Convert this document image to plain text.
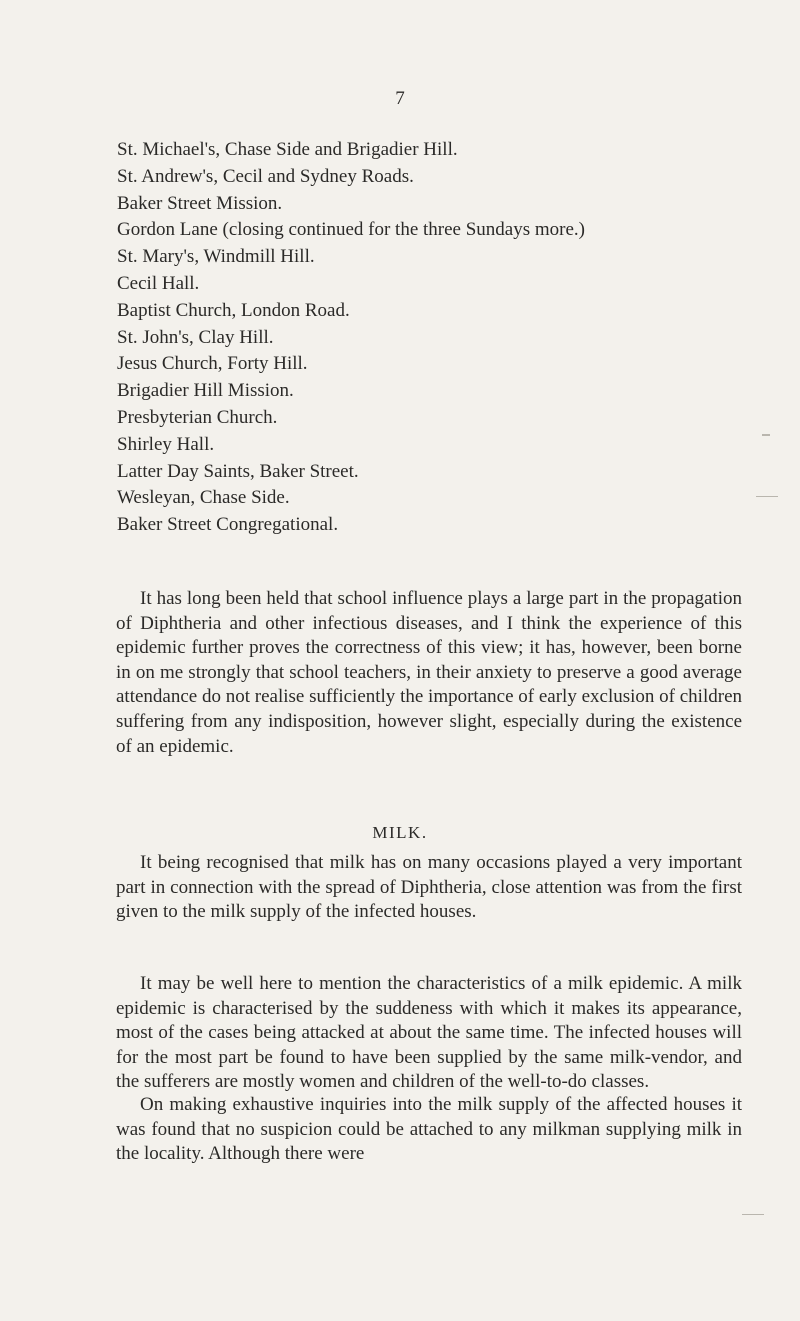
7
St. Michael's, Chase Side and Brigadier Hill.
St. Andrew's, Cecil and Sydney Roads.
Baker Street Mission.
Gordon Lane (closing continued for the three Sundays more.)
St. Mary's, Windmill Hill.
Cecil Hall.
Baptist Church, London Road.
St. John's, Clay Hill.
Jesus Church, Forty Hill.
Brigadier Hill Mission.
Presbyterian Church.
Shirley Hall.
Latter Day Saints, Baker Street.
Wesleyan, Chase Side.
Baker Street Congregational.

It has long been held that school influence plays a large part in the propagation of Diphtheria and other infectious diseases, and I think the experience of this epidemic further proves the correctness of this view; it has, however, been borne in on me strongly that school teachers, in their anxiety to preserve a good average attendance do not realise sufficiently the importance of early exclusion of children suffering from any indisposition, however slight, especially during the existence of an epidemic.

MILK.

It being recognised that milk has on many occasions played a very important part in connection with the spread of Diphtheria, close attention was from the first given to the milk supply of the infected houses.

It may be well here to mention the characteristics of a milk epidemic. A milk epidemic is characterised by the suddeness with which it makes its appearance, most of the cases being attacked at about the same time. The infected houses will for the most part be found to have been supplied by the same milk-vendor, and the sufferers are mostly women and children of the well-to-do classes.

On making exhaustive inquiries into the milk supply of the affected houses it was found that no suspicion could be attached to any milkman supplying milk in the locality. Although there were
